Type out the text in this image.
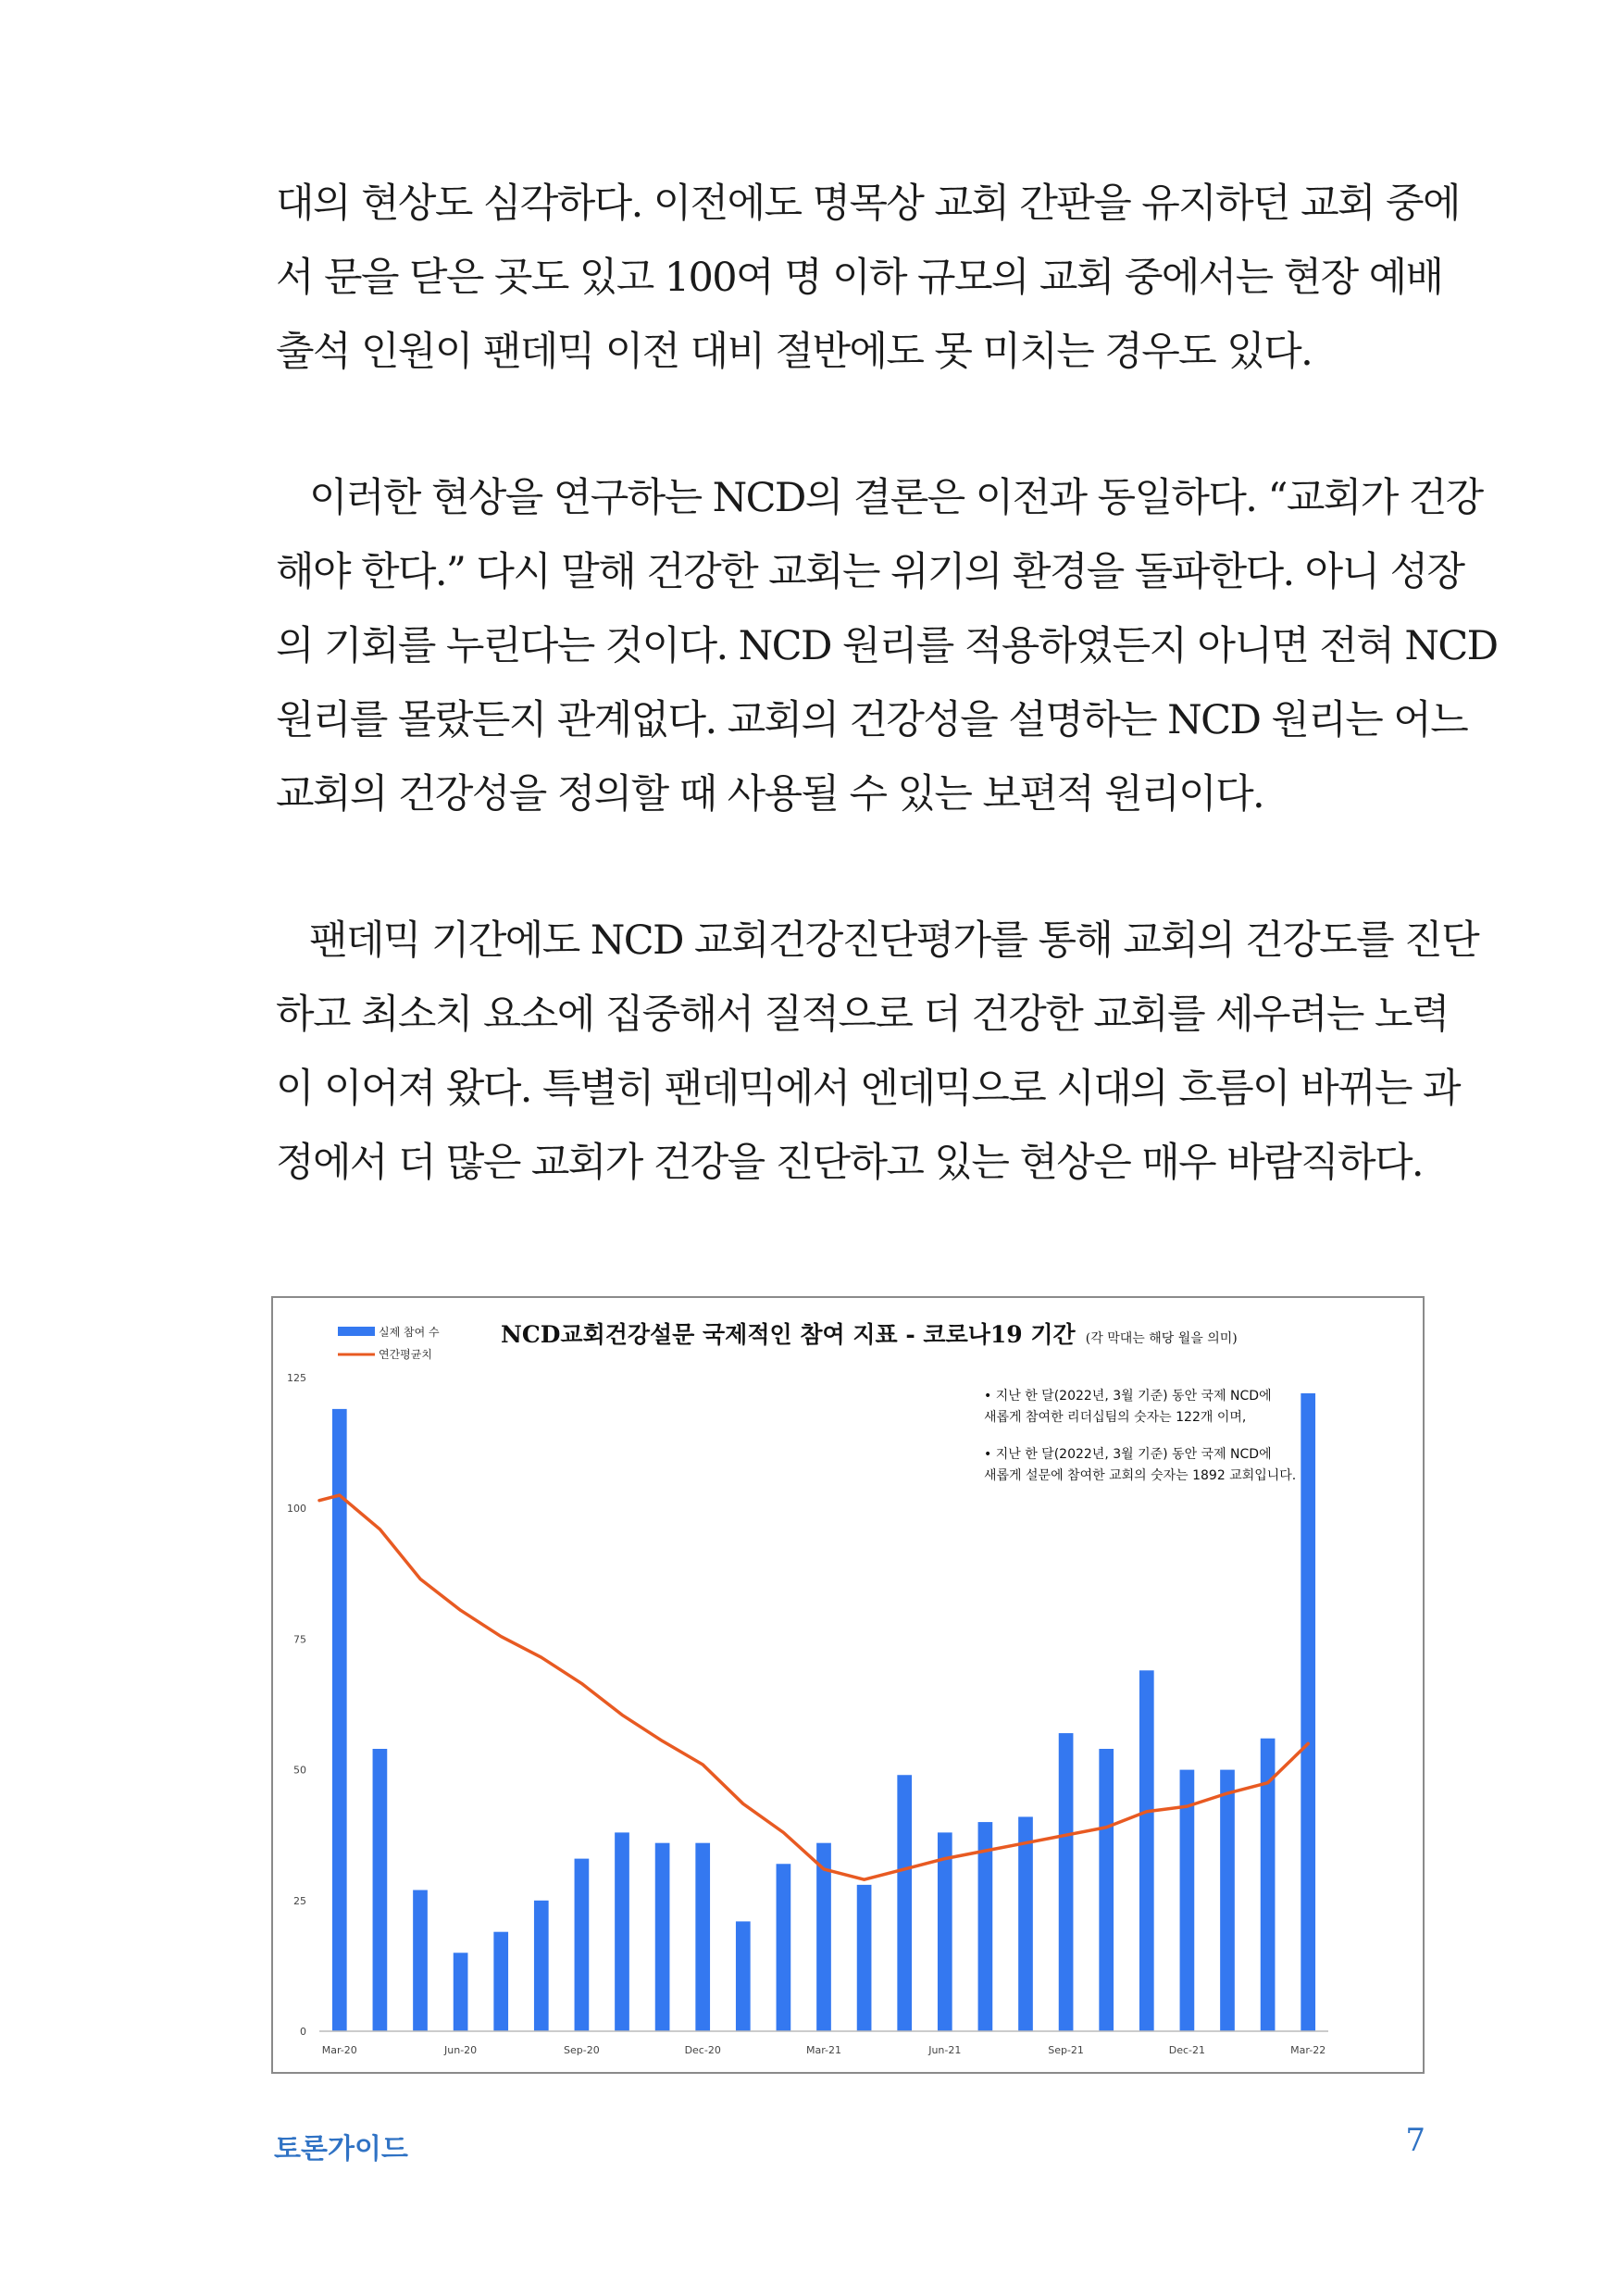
대의 현상도 심각하다. 이전에도 명목상 교회 간판을 유지하던 교회 중에
서 문을 닫은 곳도 있고 100여 명 이하 규모의 교회 중에서는 현장 예배
출석 인원이 팬데믹 이전 대비 절반에도 못 미치는 경우도 있다.
이러한 현상을 연구하는 NCD의 결론은 이전과 동일하다. “교회가 건강
해야 한다.” 다시 말해 건강한 교회는 위기의 환경을 돌파한다. 아니 성장
의 기회를 누린다는 것이다. NCD 원리를 적용하였든지 아니면 전혀 NCD
원리를 몰랐든지 관계없다. 교회의 건강성을 설명하는 NCD 원리는 어느
교회의 건강성을 정의할 때 사용될 수 있는 보편적 원리이다.
팬데믹 기간에도 NCD 교회건강진단평가를 통해 교회의 건강도를 진단
하고 최소치 요소에 집중해서 질적으로 더 건강한 교회를 세우려는 노력
이 이어져 왔다. 특별히 팬데믹에서 엔데믹으로 시대의 흐름이 바뀌는 과
정에서 더 많은 교회가 건강을 진단하고 있는 현상은 매우 바람직하다.
실제 참여 수
연간평균치
NCD교회건강설문 국제적인 참여 지표 - 코로나19 기간 (각 막대는 해당 월을 의미)
• 지난 한 달(2022년, 3월 기준) 동안 국제 NCD에 새롭게 참여한 리더십팀의 숫자는 122개 이며,
• 지난 한 달(2022년, 3월 기준) 동안 국제 NCD에 새롭게 설문에 참여한 교회의 숫자는 1892 교회입니다.
0
25
50
75
100
125
Mar-20	Jun-20	Sep-20	Dec-20	Mar-21	Jun-21	Sep-21	Dec-21	Mar-22
토론가이드	7
